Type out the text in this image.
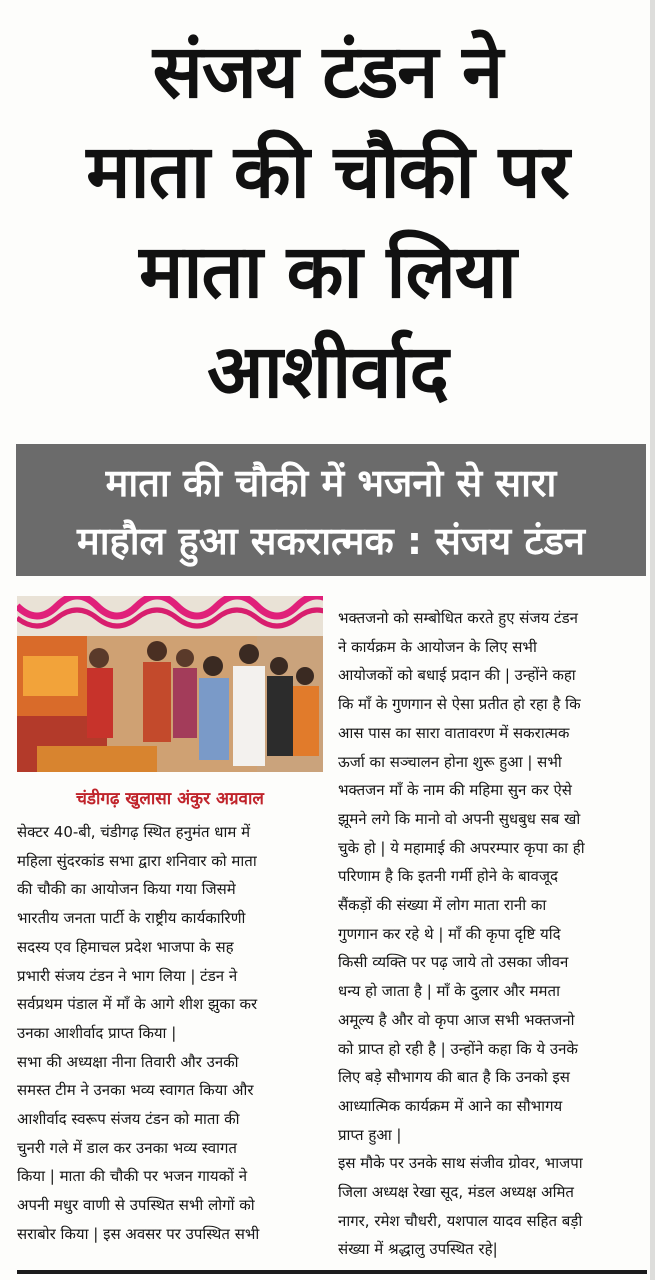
संजय टंडन ने
माता की चौकी पर
माता का लिया
आशीर्वाद
माता की चौकी में भजनो से सारा
माहौल हुआ सकरात्मक : संजय टंडन
चंडीगढ़ खुलासा अंकुर अग्रवाल

सेक्टर 40-बी, चंडीगढ़ स्थित हनुमंत धाम में

महिला सुंदरकांड सभा द्वारा शनिवार को माता

की चौकी का आयोजन किया गया जिसमे

भारतीय जनता पार्टी के राष्ट्रीय कार्यकारिणी

सदस्य एव हिमाचल प्रदेश भाजपा के सह

प्रभारी संजय टंडन ने भाग लिया | टंडन ने

सर्वप्रथम पंडाल में माँ के आगे शीश झुका कर

उनका आशीर्वाद प्राप्त किया |

सभा की अध्यक्षा नीना तिवारी और उनकी

समस्त टीम ने उनका भव्य स्वागत किया और

आशीर्वाद स्वरूप संजय टंडन को माता की

चुनरी गले में डाल कर उनका भव्य स्वागत

किया | माता की चौकी पर भजन गायकों ने

अपनी मधुर वाणी से उपस्थित सभी लोगों को

सराबोर किया | इस अवसर पर उपस्थित सभी

भक्तजनो को सम्बोधित करते हुए संजय टंडन

ने कार्यक्रम के आयोजन के लिए सभी

आयोजकों को बधाई प्रदान की | उन्होंने कहा

कि माँ के गुणगान से ऐसा प्रतीत हो रहा है कि

आस पास का सारा वातावरण में सकरात्मक

ऊर्जा का सञ्चालन होना शुरू हुआ | सभी

भक्तजन माँ के नाम की महिमा सुन कर ऐसे

झूमने लगे कि मानो वो अपनी सुधबुध सब खो

चुके हो | ये महामाई की अपरम्पार कृपा का ही

परिणाम है कि इतनी गर्मी होने के बावजूद

सैंकड़ों की संख्या में लोग माता रानी का

गुणगान कर रहे थे | माँ की कृपा दृष्टि यदि

किसी व्यक्ति पर पढ़ जाये तो उसका जीवन

धन्य हो जाता है | माँ के दुलार और ममता

अमूल्य है और वो कृपा आज सभी भक्तजनो

को प्राप्त हो रही है | उन्होंने कहा कि ये उनके

लिए बड़े सौभागय की बात है कि उनको इस

आध्यात्मिक कार्यक्रम में आने का सौभागय

प्राप्त हुआ |

इस मौके पर उनके साथ संजीव ग्रोवर, भाजपा

जिला अध्यक्ष रेखा सूद, मंडल अध्यक्ष अमित

नागर, रमेश चौधरी, यशपाल यादव सहित बड़ी

संख्या में श्रद्धालु उपस्थित रहे|
